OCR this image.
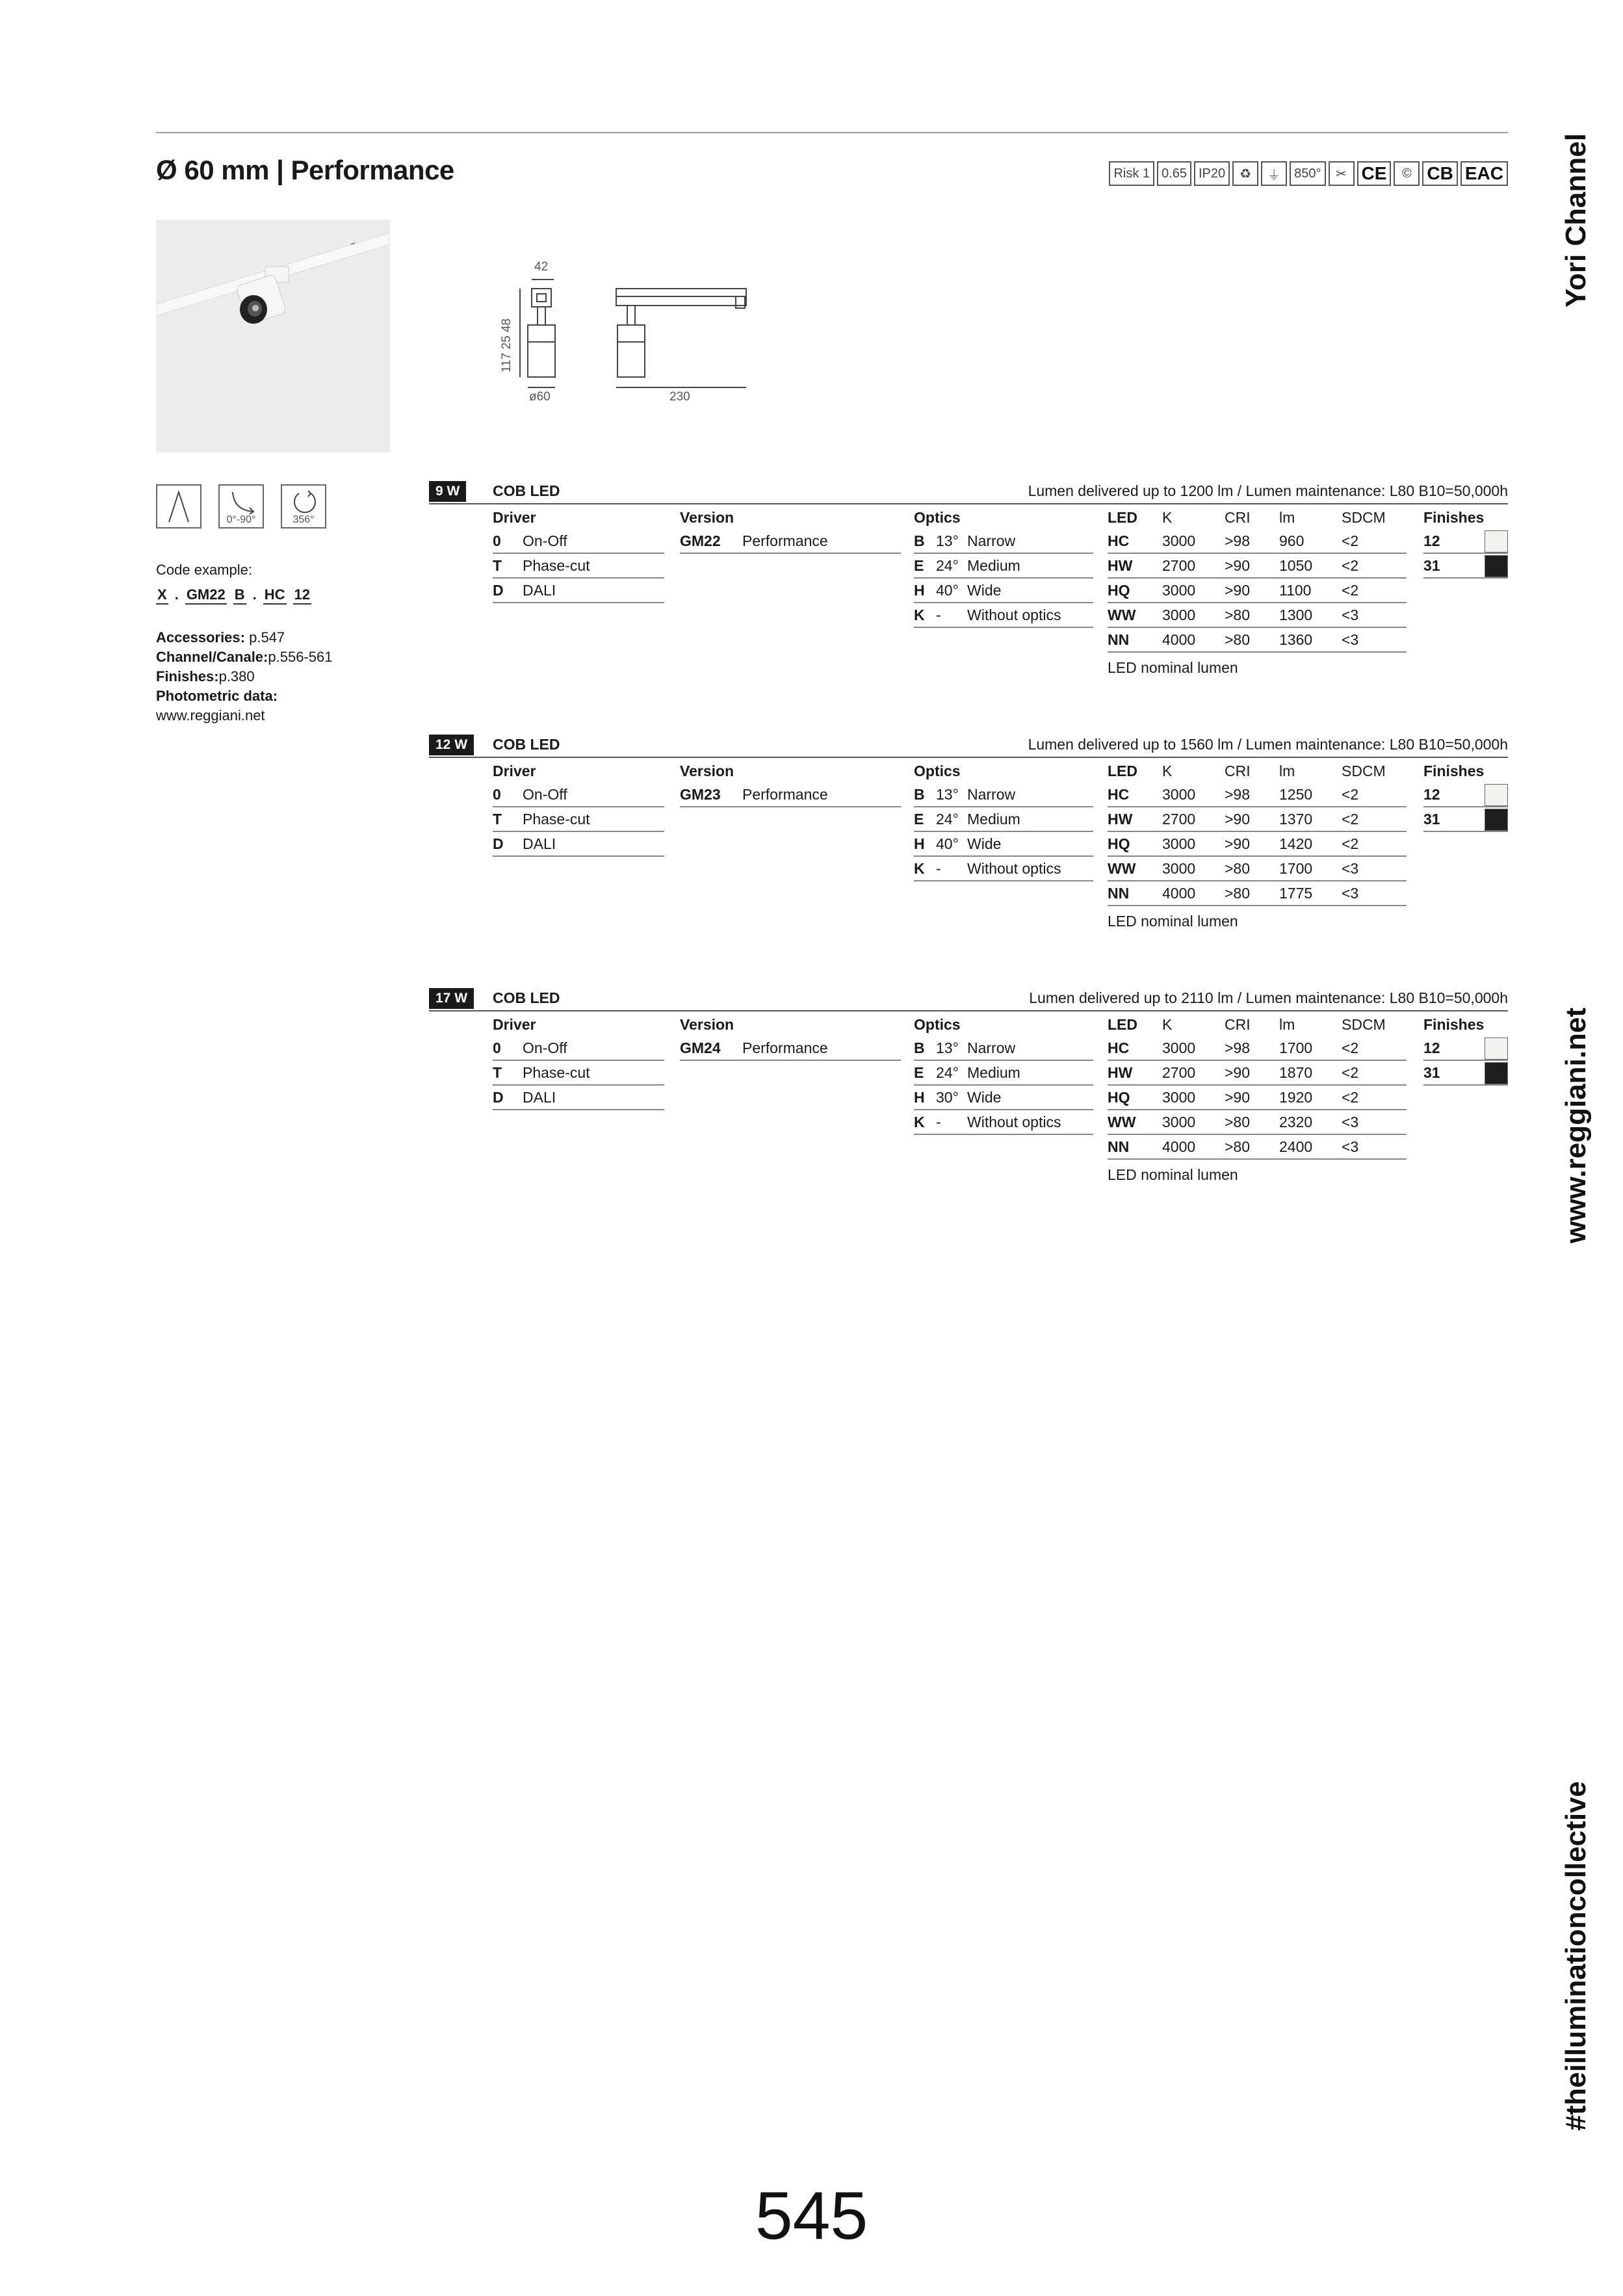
Ø 60 mm | Performance	Risk 1 0.65 IP20	♻	⏚	850°	✂ CE	© CB EAC
42
117 25 48
ø60	230
0°-90°	356°
Code example:
X . GM22 B . HC 12
Accessories: p.547
Channel/Canale:p.556-561
Finishes:p.380
Photometric data:
www.reggiani.net
Yori Channel
www.reggiani.net
#theilluminationcollective
9 W	COB LED	Lumen delivered up to 1200 lm / Lumen maintenance: L80 B10=50,000h
Driver
0 On-Off
T Phase-cut
D DALI
Version
GM22 Performance
Optics
B 13° Narrow
E 24° Medium
H 40° Wide
K - Without optics
LED K	CRI lm	SDCM
HC 3000 >98 960	<2
HW 2700 >90 1050 <2
HQ 3000 >90 1100 <2
WW 3000 >80 1300 <3
NN 4000 >80 1360 <3
LED nominal lumen
Finishes
12
31
12 W	COB LED	Lumen delivered up to 1560 lm / Lumen maintenance: L80 B10=50,000h
Driver
0 On-Off
T Phase-cut
D DALI
Version
GM23 Performance
Optics
B 13° Narrow
E 24° Medium
H 40° Wide
K - Without optics
LED K	CRI lm	SDCM
HC 3000 >98 1250 <2
HW 2700 >90 1370 <2
HQ 3000 >90 1420 <2
WW 3000 >80 1700 <3
NN 4000 >80 1775 <3
LED nominal lumen
Finishes
12
31
17 W	COB LED	Lumen delivered up to 2110 lm / Lumen maintenance: L80 B10=50,000h
Driver
0 On-Off
T Phase-cut
D DALI
Version
GM24 Performance
Optics
B 13° Narrow
E 24° Medium
H 30° Wide
K - Without optics
LED K	CRI lm	SDCM
HC 3000 >98 1700 <2
HW 2700 >90 1870 <2
HQ 3000 >90 1920 <2
WW 3000 >80 2320 <3
NN 4000 >80 2400 <3
LED nominal lumen
Finishes
12
31
545
